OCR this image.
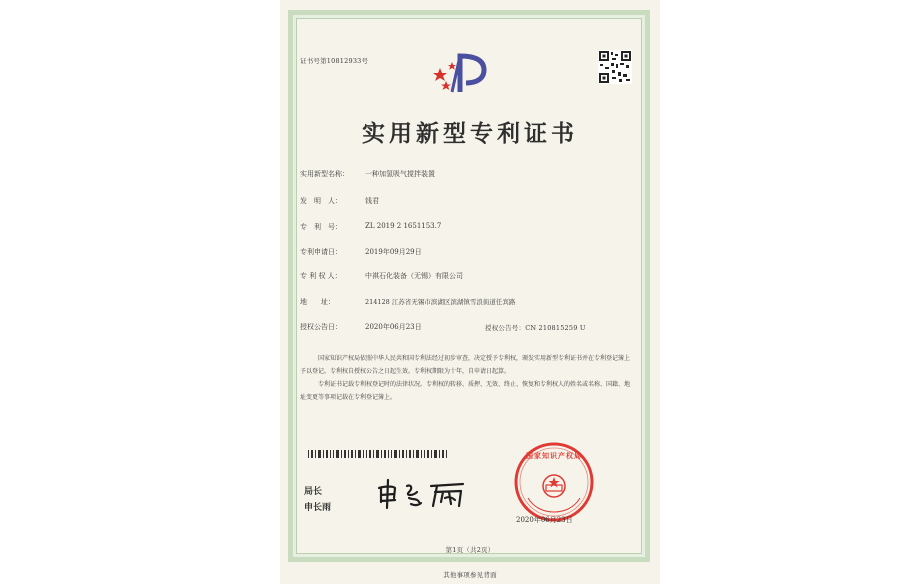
证书号第10812933号
实用新型专利证书
实用新型名称： 一种加氢吸气搅拌装置
发　明　人：	钱君
专　利　号：	ZL 2019 2 1651153.7
专利申请日：	2019年09月29日
专 利 权 人：	中祺石化装备（无锡）有限公司
地　　址：	214128 江苏省无锡市滨湖区滨湖镇雪浪街道任宾路
授权公告日：	2020年06月23日	授权公告号：CN 210815259 U
国家知识产权局依照中华人民共和国专利法经过初步审查，决定授予专利权，颁发实用新型专利证书并在专利登记簿上予以登记。专利权自授权公告之日起生效。专利权期限为十年，自申请日起算。
专利证书记载专利权登记时的法律状况。专利权的转移、质押、无效、终止、恢复和专利权人的姓名或名称、国籍、地址变更等事项记载在专利登记簿上。
局长
申长雨
国家知识产权局
2020年06月23日
第1页（共2页）
其他事项参见背面
